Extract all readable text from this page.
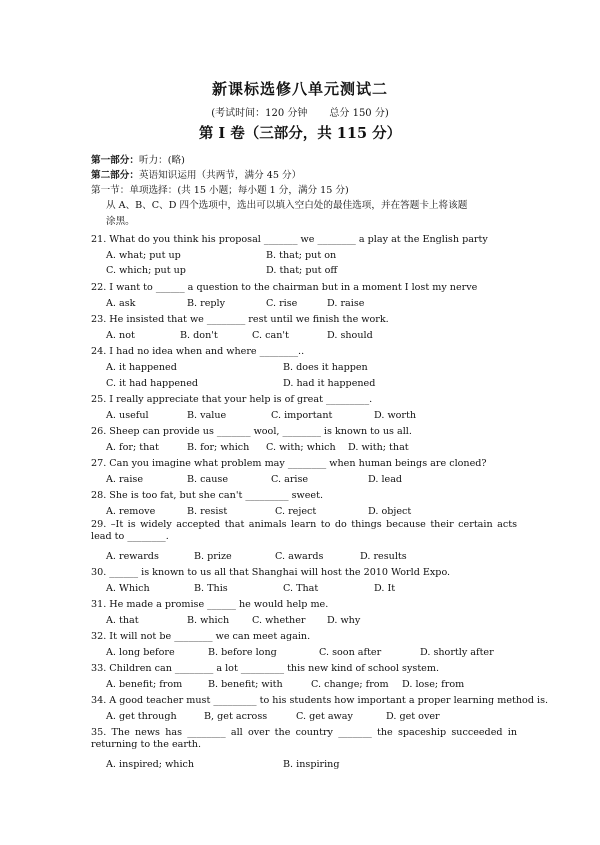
新课标选修八单元测试二
(考试时间：120 分钟 总分 150 分)
第 I 卷（三部分，共 115 分）
第一部分：听力：(略)
第二部分：英语知识运用（共两节，满分 45 分）
第一节：单项选择：(共 15 小题；每小题 1 分，满分 15 分)
从 A、B、C、D 四个选项中，选出可以填入空白处的最佳选项，并在答题卡上将该题
涂黑。
21. What do you think his proposal _______ we ________ a play at the English party
A. what; put up	B. that; put on
C. which; put up	D. that; put off
22. I want to ______ a question to the chairman but in a moment I lost my nerve
A. ask	B. reply	C. rise	D. raise
23. He insisted that we ________ rest until we finish the work.
A. not	B. don't	C. can't	D. should
24. I had no idea when and where ________..
A. it happened	B. does it happen
C. it had happened	D. had it happened
25. I really appreciate that your help is of great _________.
A. useful	B. value	C. important	D. worth
26. Sheep can provide us _______ wool, ________ is known to us all.
A. for; that	B. for; which C. with; which D. with; that
27. Can you imagine what problem may ________ when human beings are cloned?
A. raise	B. cause	C. arise	D. lead
28. She is too fat, but she can't _________ sweet.
A. remove	B. resist	C. reject	D. object
29. –It is widely accepted that animals learn to do things because their certain acts lead to ________.
A. rewards	B. prize	C. awards	D. results
30. ______ is known to us all that Shanghai will host the 2010 World Expo.
A. Which	B. This	C. That	D. It
31. He made a promise ______ he would help me.
A. that	B. which C. whether D. why
32. It will not be ________ we can meet again.
A. long before	B. before long	C. soon after	D. shortly after
33. Children can ________ a lot _________ this new kind of school system.
A. benefit; from	B. benefit; with	C. change; from D. lose; from
34. A good teacher must _________ to his students how important a proper learning method is.
A. get through	B, get across	C. get away	D. get over
35. The news has ________ all over the country _______ the spaceship succeeded in returning to the earth.
A. inspired; which	B. inspiring
